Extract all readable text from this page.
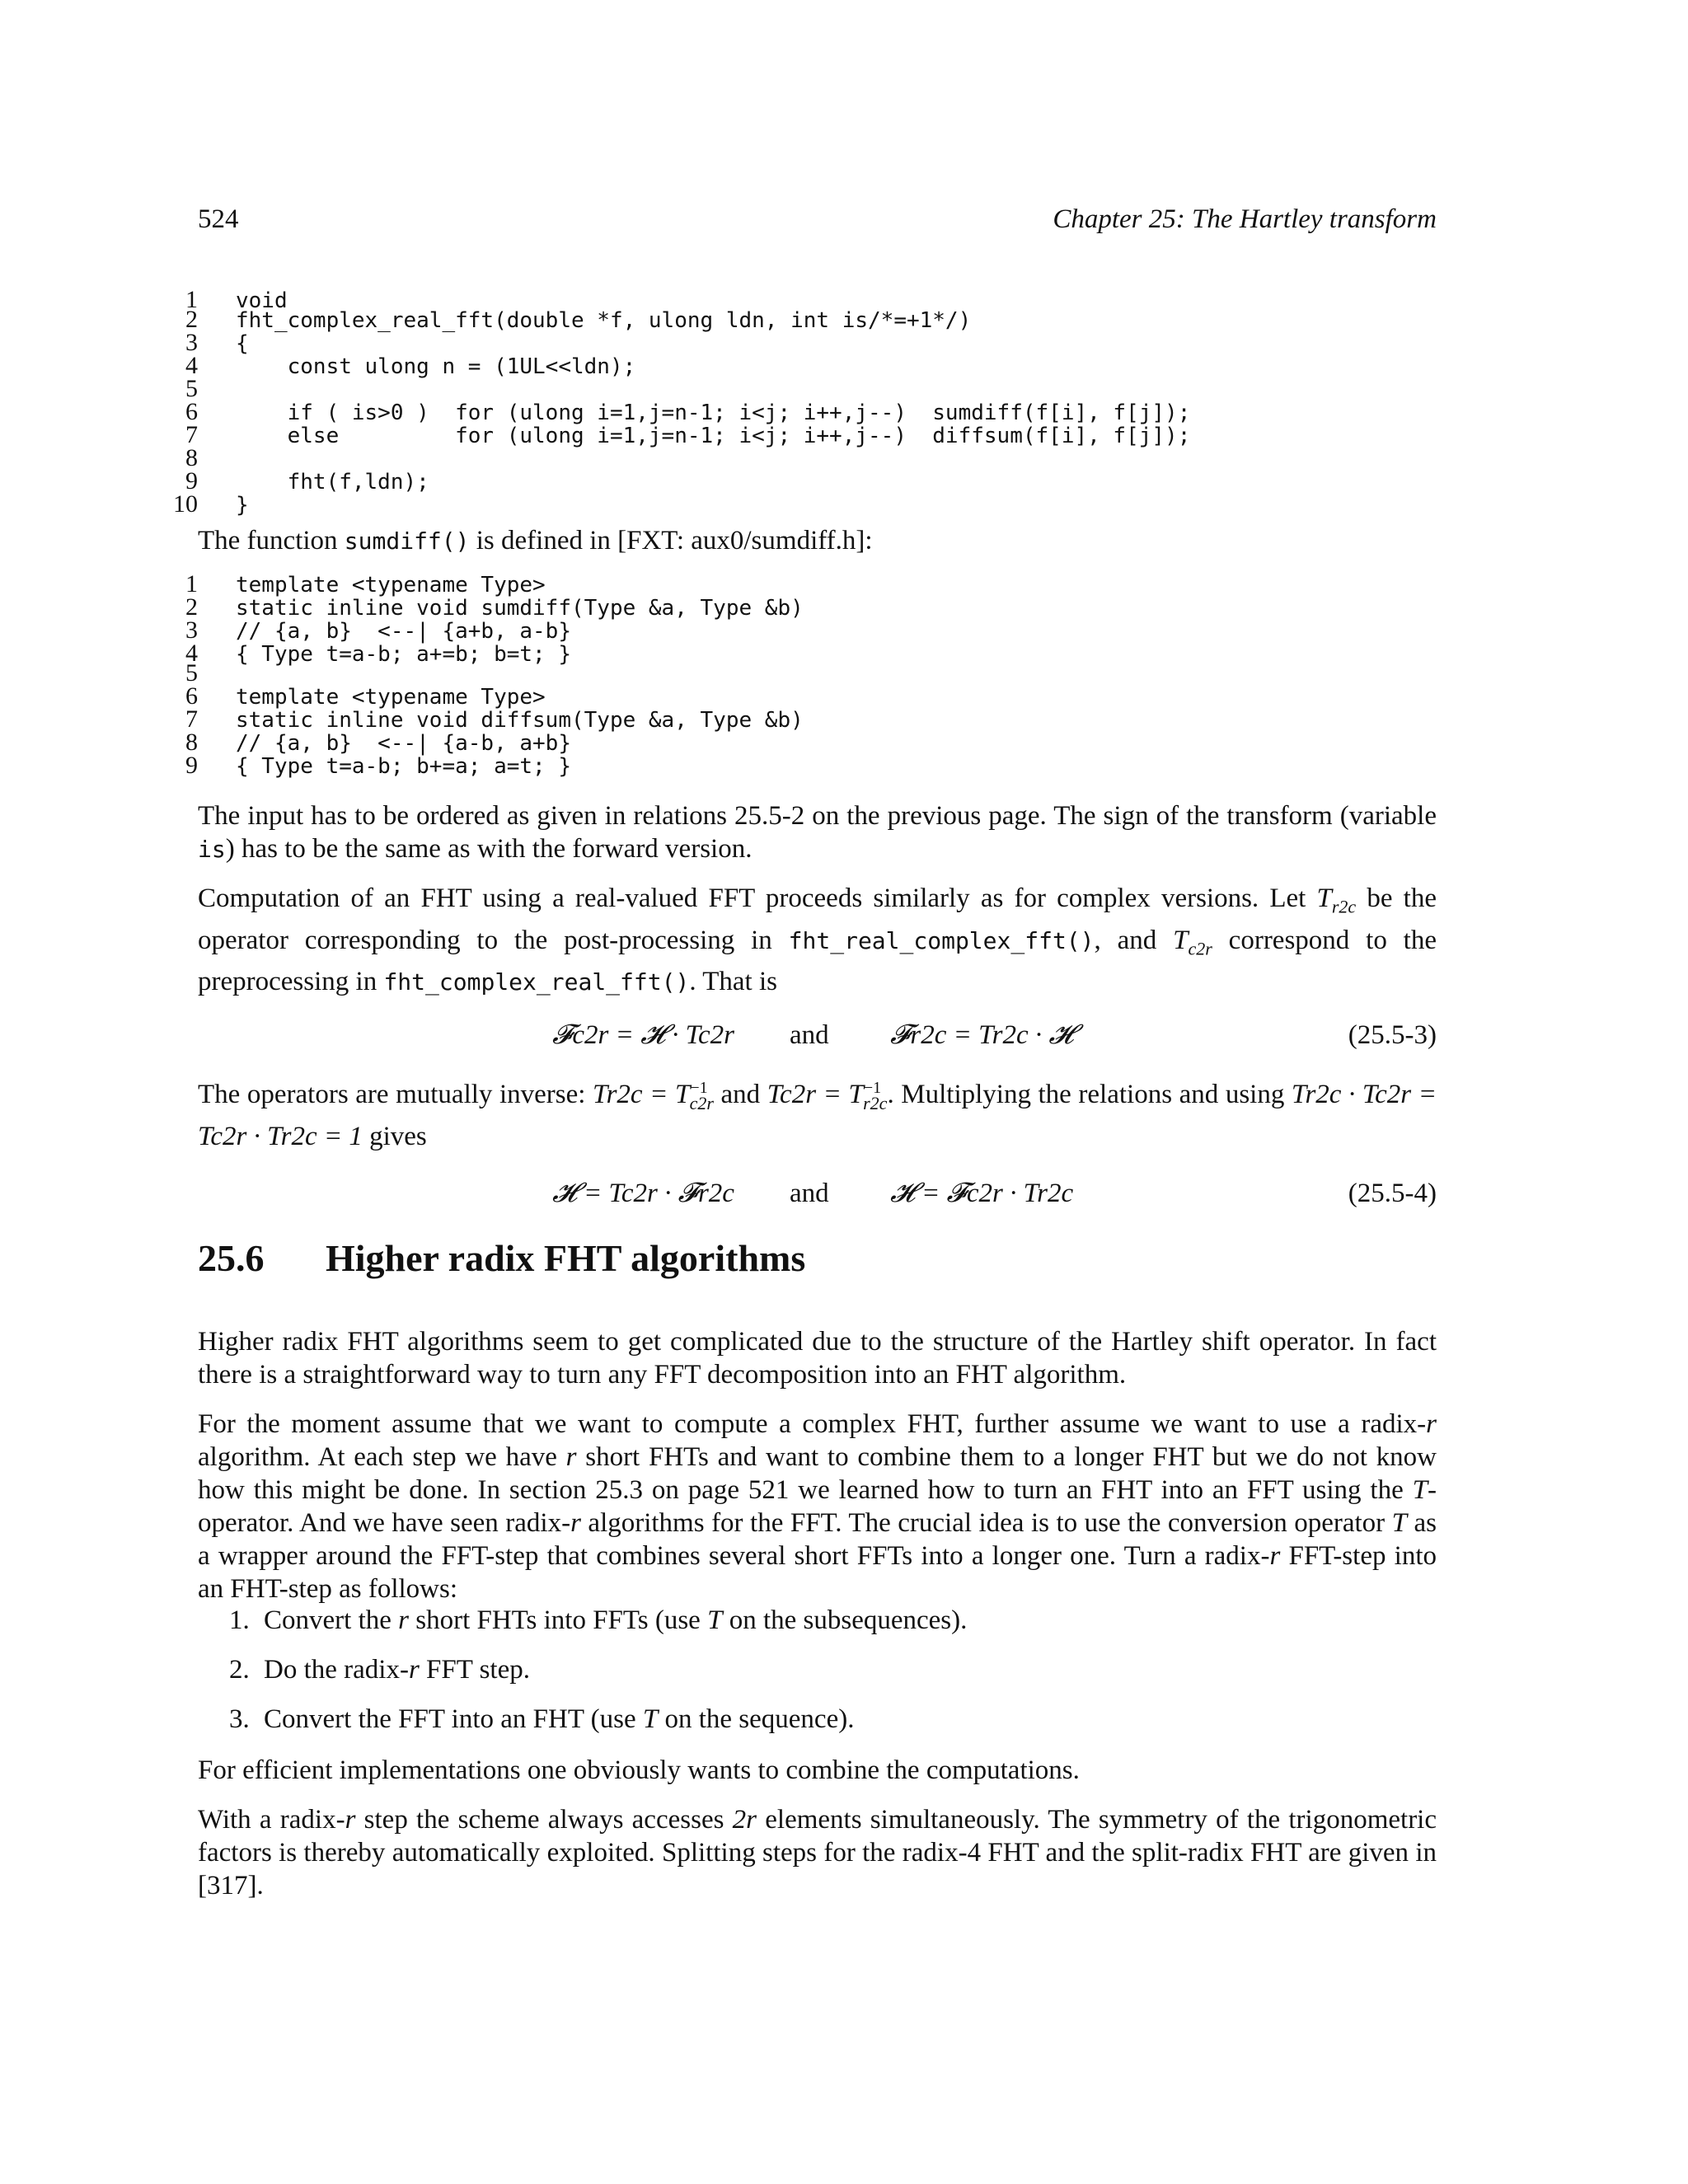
524	Chapter 25: The Hartley transform
1 void
2 fht_complex_real_fft(double *f, ulong ldn, int is/*=+1*/)
3 {
4 const ulong n = (1UL<<ldn);
5
6 if ( is>0 )  for (ulong i=1,j=n-1; i<j; i++,j--)  sumdiff(f[i], f[j]);
7 else         for (ulong i=1,j=n-1; i<j; i++,j--)  diffsum(f[i], f[j]);
8
9 fht(f,ldn);
10 }
The function sumdiff() is defined in [FXT: aux0/sumdiff.h]:
1 template <typename Type>
2 static inline void sumdiff(Type &a, Type &b)
3 // {a, b}  <--| {a+b, a-b}
4 { Type t=a-b; a+=b; b=t; }
5
6 template <typename Type>
7 static inline void diffsum(Type &a, Type &b)
8 // {a, b}  <--| {a-b, a+b}
9 { Type t=a-b; b+=a; a=t; }
The input has to be ordered as given in relations 25.5-2 on the previous page. The sign of the transform (variable is) has to be the same as with the forward version.
Computation of an FHT using a real-valued FFT proceeds similarly as for complex versions. Let $T_{r2c}$ be the operator corresponding to the post-processing in fht_real_complex_fft(), and $T_{c2r}$ correspond to the preprocessing in fht_complex_real_fft(). That is
𝓕c2r = 𝓗 · Tc2r and 𝓕r2c = Tr2c · 𝓗	(25.5-3)
The operators are mutually inverse: $Tr2c = T^{-1}_{c2r}$ and $Tc2r = T^{-1}_{r2c}$. Multiplying the relations and using Tr2c · Tc2r = Tc2r · Tr2c = 1 gives
𝓗 = Tc2r · 𝓕r2c and 𝓗 = 𝓕c2r · Tr2c	(25.5-4)
25.6 Higher radix FHT algorithms
Higher radix FHT algorithms seem to get complicated due to the structure of the Hartley shift operator. In fact there is a straightforward way to turn any FFT decomposition into an FHT algorithm.
For the moment assume that we want to compute a complex FHT, further assume we want to use a radix-r algorithm. At each step we have r short FHTs and want to combine them to a longer FHT but we do not know how this might be done. In section 25.3 on page 521 we learned how to turn an FHT into an FFT using the T-operator. And we have seen radix-r algorithms for the FFT. The crucial idea is to use the conversion operator T as a wrapper around the FFT-step that combines several short FFTs into a longer one. Turn a radix-r FFT-step into an FHT-step as follows:
1. Convert the r short FHTs into FFTs (use T on the subsequences).
2. Do the radix-r FFT step.
3. Convert the FFT into an FHT (use T on the sequence).
For efficient implementations one obviously wants to combine the computations.
With a radix-r step the scheme always accesses 2r elements simultaneously. The symmetry of the trigonometric factors is thereby automatically exploited. Splitting steps for the radix-4 FHT and the split-radix FHT are given in [317].
